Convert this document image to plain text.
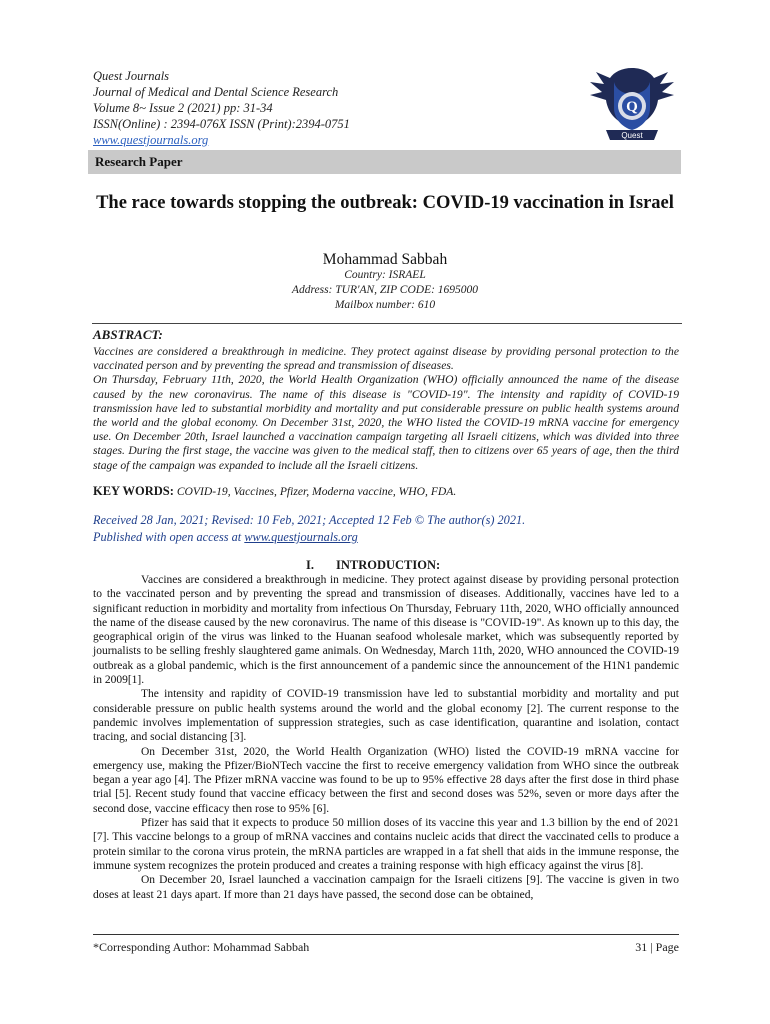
Quest Journals
Journal of Medical and Dental Science Research
Volume 8~ Issue 2 (2021) pp: 31-34
ISSN(Online) : 2394-076X ISSN (Print):2394-0751
www.questjournals.org
Q
Quest
Research Paper
The race towards stopping the outbreak: COVID-19 vaccination in Israel
Mohammad Sabbah
Country: ISRAEL
Address: TUR'AN, ZIP CODE: 1695000
Mailbox number: 610
ABSTRACT:

Vaccines are considered a breakthrough in medicine. They protect against disease by providing personal protection to the vaccinated person and by preventing the spread and transmission of diseases.

On Thursday, February 11th, 2020, the World Health Organization (WHO) officially announced the name of the disease caused by the new coronavirus. The name of this disease is "COVID-19". The intensity and rapidity of COVID-19 transmission have led to substantial morbidity and mortality and put considerable pressure on public health systems around the world and the global economy. On December 31st, 2020, the WHO listed the COVID-19 mRNA vaccine for emergency use. On December 20th, Israel launched a vaccination campaign targeting all Israeli citizens, which was divided into three stages. During the first stage, the vaccine was given to the medical staff, then to citizens over 65 years of age, then the third stage of the campaign was expanded to include all the Israeli citizens.

KEY WORDS: COVID-19, Vaccines, Pfizer, Moderna vaccine, WHO, FDA.
Received 28 Jan, 2021; Revised: 10 Feb, 2021; Accepted 12 Feb © The author(s) 2021.
Published with open access at www.questjournals.org
I. INTRODUCTION:

Vaccines are considered a breakthrough in medicine. They protect against disease by providing personal protection to the vaccinated person and by preventing the spread and transmission of diseases. Additionally, vaccines have led to a significant reduction in morbidity and mortality from infectious On Thursday, February 11th, 2020, WHO officially announced the name of the disease caused by the new coronavirus. The name of this disease is "COVID-19". As known up to this day, the geographical origin of the virus was linked to the Huanan seafood wholesale market, which was subsequently reported by journalists to be selling freshly slaughtered game animals. On Wednesday, March 11th, 2020, WHO announced the COVID-19 outbreak as a global pandemic, which is the first announcement of a pandemic since the announcement of the H1N1 pandemic in 2009[1].

The intensity and rapidity of COVID-19 transmission have led to substantial morbidity and mortality and put considerable pressure on public health systems around the world and the global economy [2]. The current response to the pandemic involves implementation of suppression strategies, such as case identification, quarantine and isolation, contact tracing, and social distancing [3].

On December 31st, 2020, the World Health Organization (WHO) listed the COVID-19 mRNA vaccine for emergency use, making the Pfizer/BioNTech vaccine the first to receive emergency validation from WHO since the outbreak began a year ago [4]. The Pfizer mRNA vaccine was found to be up to 95% effective 28 days after the first dose in third phase trial [5]. Recent study found that vaccine efficacy between the first and second doses was 52%, seven or more days after the second dose, vaccine efficacy then rose to 95% [6].

Pfizer has said that it expects to produce 50 million doses of its vaccine this year and 1.3 billion by the end of 2021 [7]. This vaccine belongs to a group of mRNA vaccines and contains nucleic acids that direct the vaccinated cells to produce a protein similar to the corona virus protein, the mRNA particles are wrapped in a fat shell that aids in the immune response, the immune system recognizes the protein produced and creates a training response with high efficacy against the virus [8].

On December 20, Israel launched a vaccination campaign for the Israeli citizens [9]. The vaccine is given in two doses at least 21 days apart. If more than 21 days have passed, the second dose can be obtained,

*Corresponding Author: Mohammad Sabbah	31 | Page
